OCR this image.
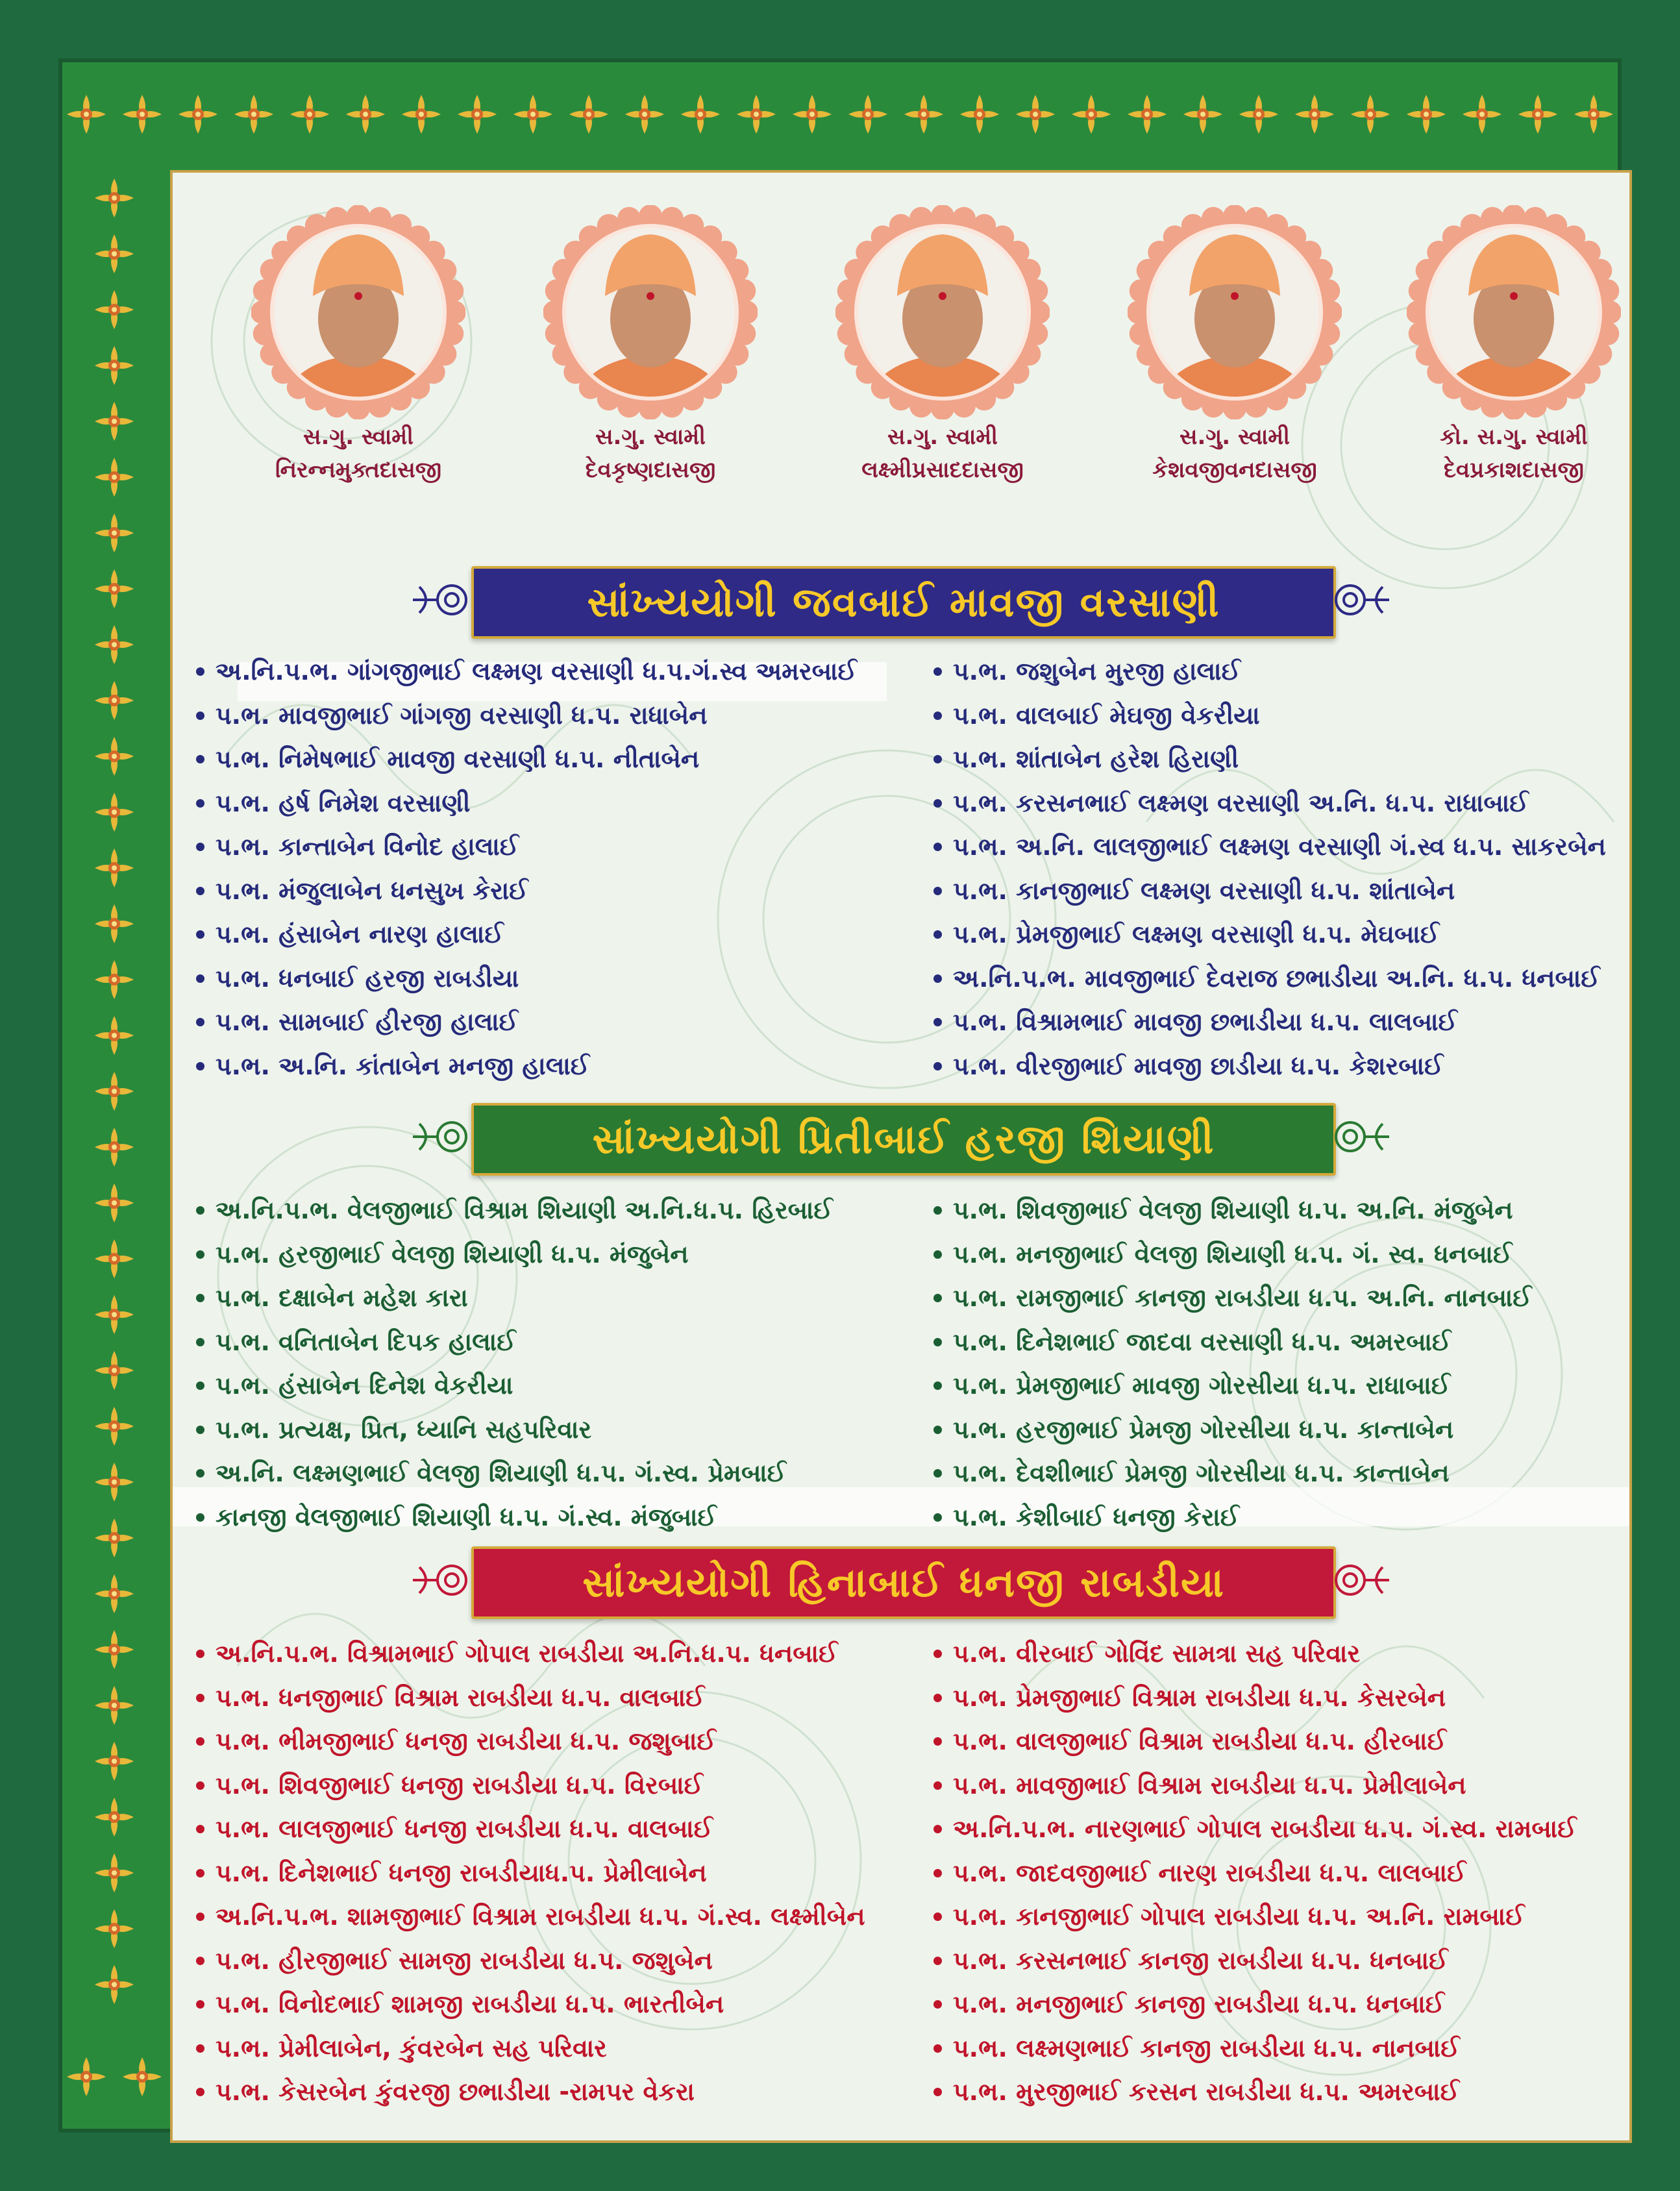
સ.ગુ. સ્વામી
નિરન્નમુક્તદાસજી
સ.ગુ. સ્વામી
દેવકૃષ્ણદાસજી
સ.ગુ. સ્વામી
લક્ષ્મીપ્રસાદદાસજી
સ.ગુ. સ્વામી
કેશવજીવનદાસજી
કો. સ.ગુ. સ્વામી
દેવપ્રકાશદાસજી
સાંખ્યયોગી જવબાઈ માવજી વરસાણી
અ.નિ.પ.ભ. ગાંગજીભાઈ લક્ષ્મણ વરસાણી ધ.પ.ગં.સ્વ અમરબાઈ
પ.ભ. માવજીભાઈ ગાંગજી વરસાણી ધ.પ. રાધાબેન
પ.ભ. નિમેષભાઈ માવજી વરસાણી ધ.પ. નીતાબેન
પ.ભ. હર્ષ નિમેશ વરસાણી
પ.ભ. કાન્તાબેન વિનોદ હાલાઈ
પ.ભ. મંજુલાબેન ધનસુખ કેરાઈ
પ.ભ. હંસાબેન નારણ હાલાઈ
પ.ભ. ધનબાઈ હરજી રાબડીયા
પ.ભ. સામબાઈ હીરજી હાલાઈ
પ.ભ. અ.નિ. કાંતાબેન મનજી હાલાઈ
પ.ભ. જશુબેન મુરજી હાલાઈ
પ.ભ. વાલબાઈ મેઘજી વેકરીયા
પ.ભ. શાંતાબેન હરેશ હિરાણી
પ.ભ. કરસનભાઈ લક્ષ્મણ વરસાણી અ.નિ. ધ.પ. રાધાબાઈ
પ.ભ. અ.નિ. લાલજીભાઈ લક્ષ્મણ વરસાણી ગં.સ્વ ધ.પ. સાકરબેન
પ.ભ. કાનજીભાઈ લક્ષ્મણ વરસાણી ધ.પ. શાંતાબેન
પ.ભ. પ્રેમજીભાઈ લક્ષ્મણ વરસાણી ધ.પ. મેઘબાઈ
અ.નિ.પ.ભ. માવજીભાઈ દેવરાજ છભાડીયા અ.નિ. ધ.પ. ધનબાઈ
પ.ભ. વિશ્રામભાઈ માવજી છભાડીયા ધ.પ. લાલબાઈ
પ.ભ. વીરજીભાઈ માવજી છાડીયા ધ.પ. કેશરબાઈ
સાંખ્યયોગી પ્રિતીબાઈ હરજી શિયાણી
અ.નિ.પ.ભ. વેલજીભાઈ વિશ્રામ શિયાણી અ.નિ.ધ.પ. હિરબાઈ
પ.ભ. હરજીભાઈ વેલજી શિયાણી ધ.પ. મંજુબેન
પ.ભ. દક્ષાબેન મહેશ કારા
પ.ભ. વનિતાબેન દિપક હાલાઈ
પ.ભ. હંસાબેન દિનેશ વેકરીયા
પ.ભ. પ્રત્યક્ષ, પ્રિત, ધ્યાનિ સહપરિવાર
અ.નિ. લક્ષ્મણભાઈ વેલજી શિયાણી ધ.પ. ગં.સ્વ. પ્રેમબાઈ
કાનજી વેલજીભાઈ શિયાણી ધ.પ. ગં.સ્વ. મંજુબાઈ
પ.ભ. શિવજીભાઈ વેલજી શિયાણી ધ.પ. અ.નિ. મંજુબેન
પ.ભ. મનજીભાઈ વેલજી શિયાણી ધ.પ. ગં. સ્વ. ધનબાઈ
પ.ભ. રામજીભાઈ કાનજી રાબડીયા ધ.પ. અ.નિ. નાનબાઈ
પ.ભ. દિનેશભાઈ જાદવા વરસાણી ધ.પ. અમરબાઈ
પ.ભ. પ્રેમજીભાઈ માવજી ગોરસીયા ધ.પ. રાધાબાઈ
પ.ભ. હરજીભાઈ પ્રેમજી ગોરસીયા ધ.પ. કાન્તાબેન
પ.ભ. દેવશીભાઈ પ્રેમજી ગોરસીયા ધ.પ. કાન્તાબેન
પ.ભ. કેશીબાઈ ધનજી કેરાઈ
સાંખ્યયોગી હિનાબાઈ ધનજી રાબડીયા
અ.નિ.પ.ભ. વિશ્રામભાઈ ગોપાલ રાબડીયા અ.નિ.ધ.પ. ધનબાઈ
પ.ભ. ધનજીભાઈ વિશ્રામ રાબડીયા ધ.પ. વાલબાઈ
પ.ભ. ભીમજીભાઈ ધનજી રાબડીયા ધ.પ. જશુબાઈ
પ.ભ. શિવજીભાઈ ધનજી રાબડીયા ધ.પ. વિરબાઈ
પ.ભ. લાલજીભાઈ ધનજી રાબડીયા ધ.પ. વાલબાઈ
પ.ભ. દિનેશભાઈ ધનજી રાબડીયાધ.પ. પ્રેમીલાબેન
અ.નિ.પ.ભ. શામજીભાઈ વિશ્રામ રાબડીયા ધ.પ. ગં.સ્વ. લક્ષ્મીબેન
પ.ભ. હીરજીભાઈ સામજી રાબડીયા ધ.પ. જશુબેન
પ.ભ. વિનોદભાઈ શામજી રાબડીયા ધ.પ. ભારતીબેન
પ.ભ. પ્રેમીલાબેન, કુંવરબેન સહ પરિવાર
પ.ભ. કેસરબેન કુંવરજી છભાડીયા -રામપર વેકરા
પ.ભ. વીરબાઈ ગોવિંદ સામત્રા સહ પરિવાર
પ.ભ. પ્રેમજીભાઈ વિશ્રામ રાબડીયા ધ.પ. કેસરબેન
પ.ભ. વાલજીભાઈ વિશ્રામ રાબડીયા ધ.પ. હીરબાઈ
પ.ભ. માવજીભાઈ વિશ્રામ રાબડીયા ધ.પ. પ્રેમીલાબેન
અ.નિ.પ.ભ. નારણભાઈ ગોપાલ રાબડીયા ધ.પ. ગં.સ્વ. રામબાઈ
પ.ભ. જાદવજીભાઈ નારણ રાબડીયા ધ.પ. લાલબાઈ
પ.ભ. કાનજીભાઈ ગોપાલ રાબડીયા ધ.પ. અ.નિ. રામબાઈ
પ.ભ. કરસનભાઈ કાનજી રાબડીયા ધ.પ. ધનબાઈ
પ.ભ. મનજીભાઈ કાનજી રાબડીયા ધ.પ. ધનબાઈ
પ.ભ. લક્ષ્મણભાઈ કાનજી રાબડીયા ધ.પ. નાનબાઈ
પ.ભ. મુરજીભાઈ કરસન રાબડીયા ધ.પ. અમરબાઈ
